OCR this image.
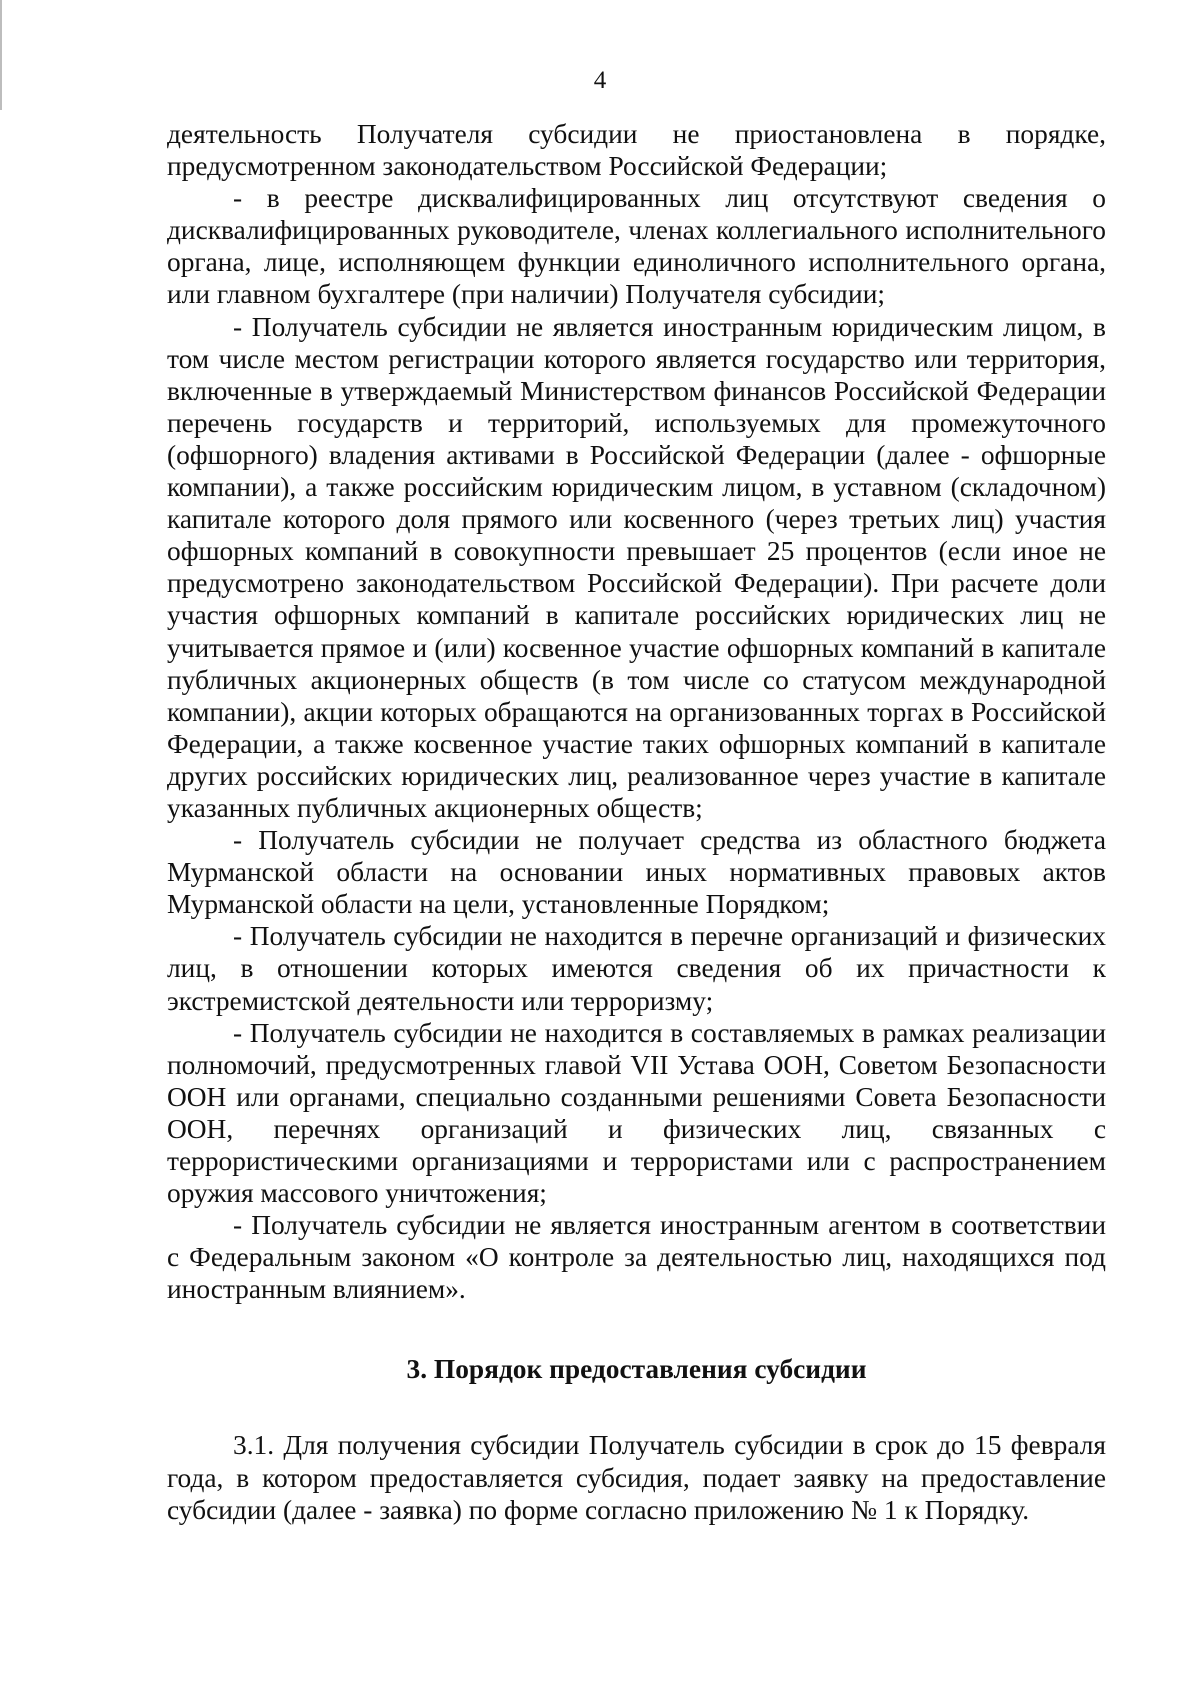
4

деятельность Получателя субсидии не приостановлена в порядке, предусмотренном законодательством Российской Федерации;

- в реестре дисквалифицированных лиц отсутствуют сведения о дисквалифицированных руководителе, членах коллегиального исполнительного органа, лице, исполняющем функции единоличного исполнительного органа, или главном бухгалтере (при наличии) Получателя субсидии;

- Получатель субсидии не является иностранным юридическим лицом, в том числе местом регистрации которого является государство или территория, включенные в утверждаемый Министерством финансов Российской Федерации перечень государств и территорий, используемых для промежуточного (офшорного) владения активами в Российской Федерации (далее - офшорные компании), а также российским юридическим лицом, в уставном (складочном) капитале которого доля прямого или косвенного (через третьих лиц) участия офшорных компаний в совокупности превышает 25 процентов (если иное не предусмотрено законодательством Российской Федерации). При расчете доли участия офшорных компаний в капитале российских юридических лиц не учитывается прямое и (или) косвенное участие офшорных компаний в капитале публичных акционерных обществ (в том числе со статусом международной компании), акции которых обращаются на организованных торгах в Российской Федерации, а также косвенное участие таких офшорных компаний в капитале других российских юридических лиц, реализованное через участие в капитале указанных публичных акционерных обществ;

- Получатель субсидии не получает средства из областного бюджета Мурманской области на основании иных нормативных правовых актов Мурманской области на цели, установленные Порядком;

- Получатель субсидии не находится в перечне организаций и физических лиц, в отношении которых имеются сведения об их причастности к экстремистской деятельности или терроризму;

- Получатель субсидии не находится в составляемых в рамках реализации полномочий, предусмотренных главой VII Устава ООН, Советом Безопасности ООН или органами, специально созданными решениями Совета Безопасности ООН, перечнях организаций и физических лиц, связанных с террористическими организациями и террористами или с распространением оружия массового уничтожения;

- Получатель субсидии не является иностранным агентом в соответствии с Федеральным законом «О контроле за деятельностью лиц, находящихся под иностранным влиянием».

3. Порядок предоставления субсидии

3.1. Для получения субсидии Получатель субсидии в срок до 15 февраля года, в котором предоставляется субсидия, подает заявку на предоставление субсидии (далее - заявка) по форме согласно приложению № 1 к Порядку.
